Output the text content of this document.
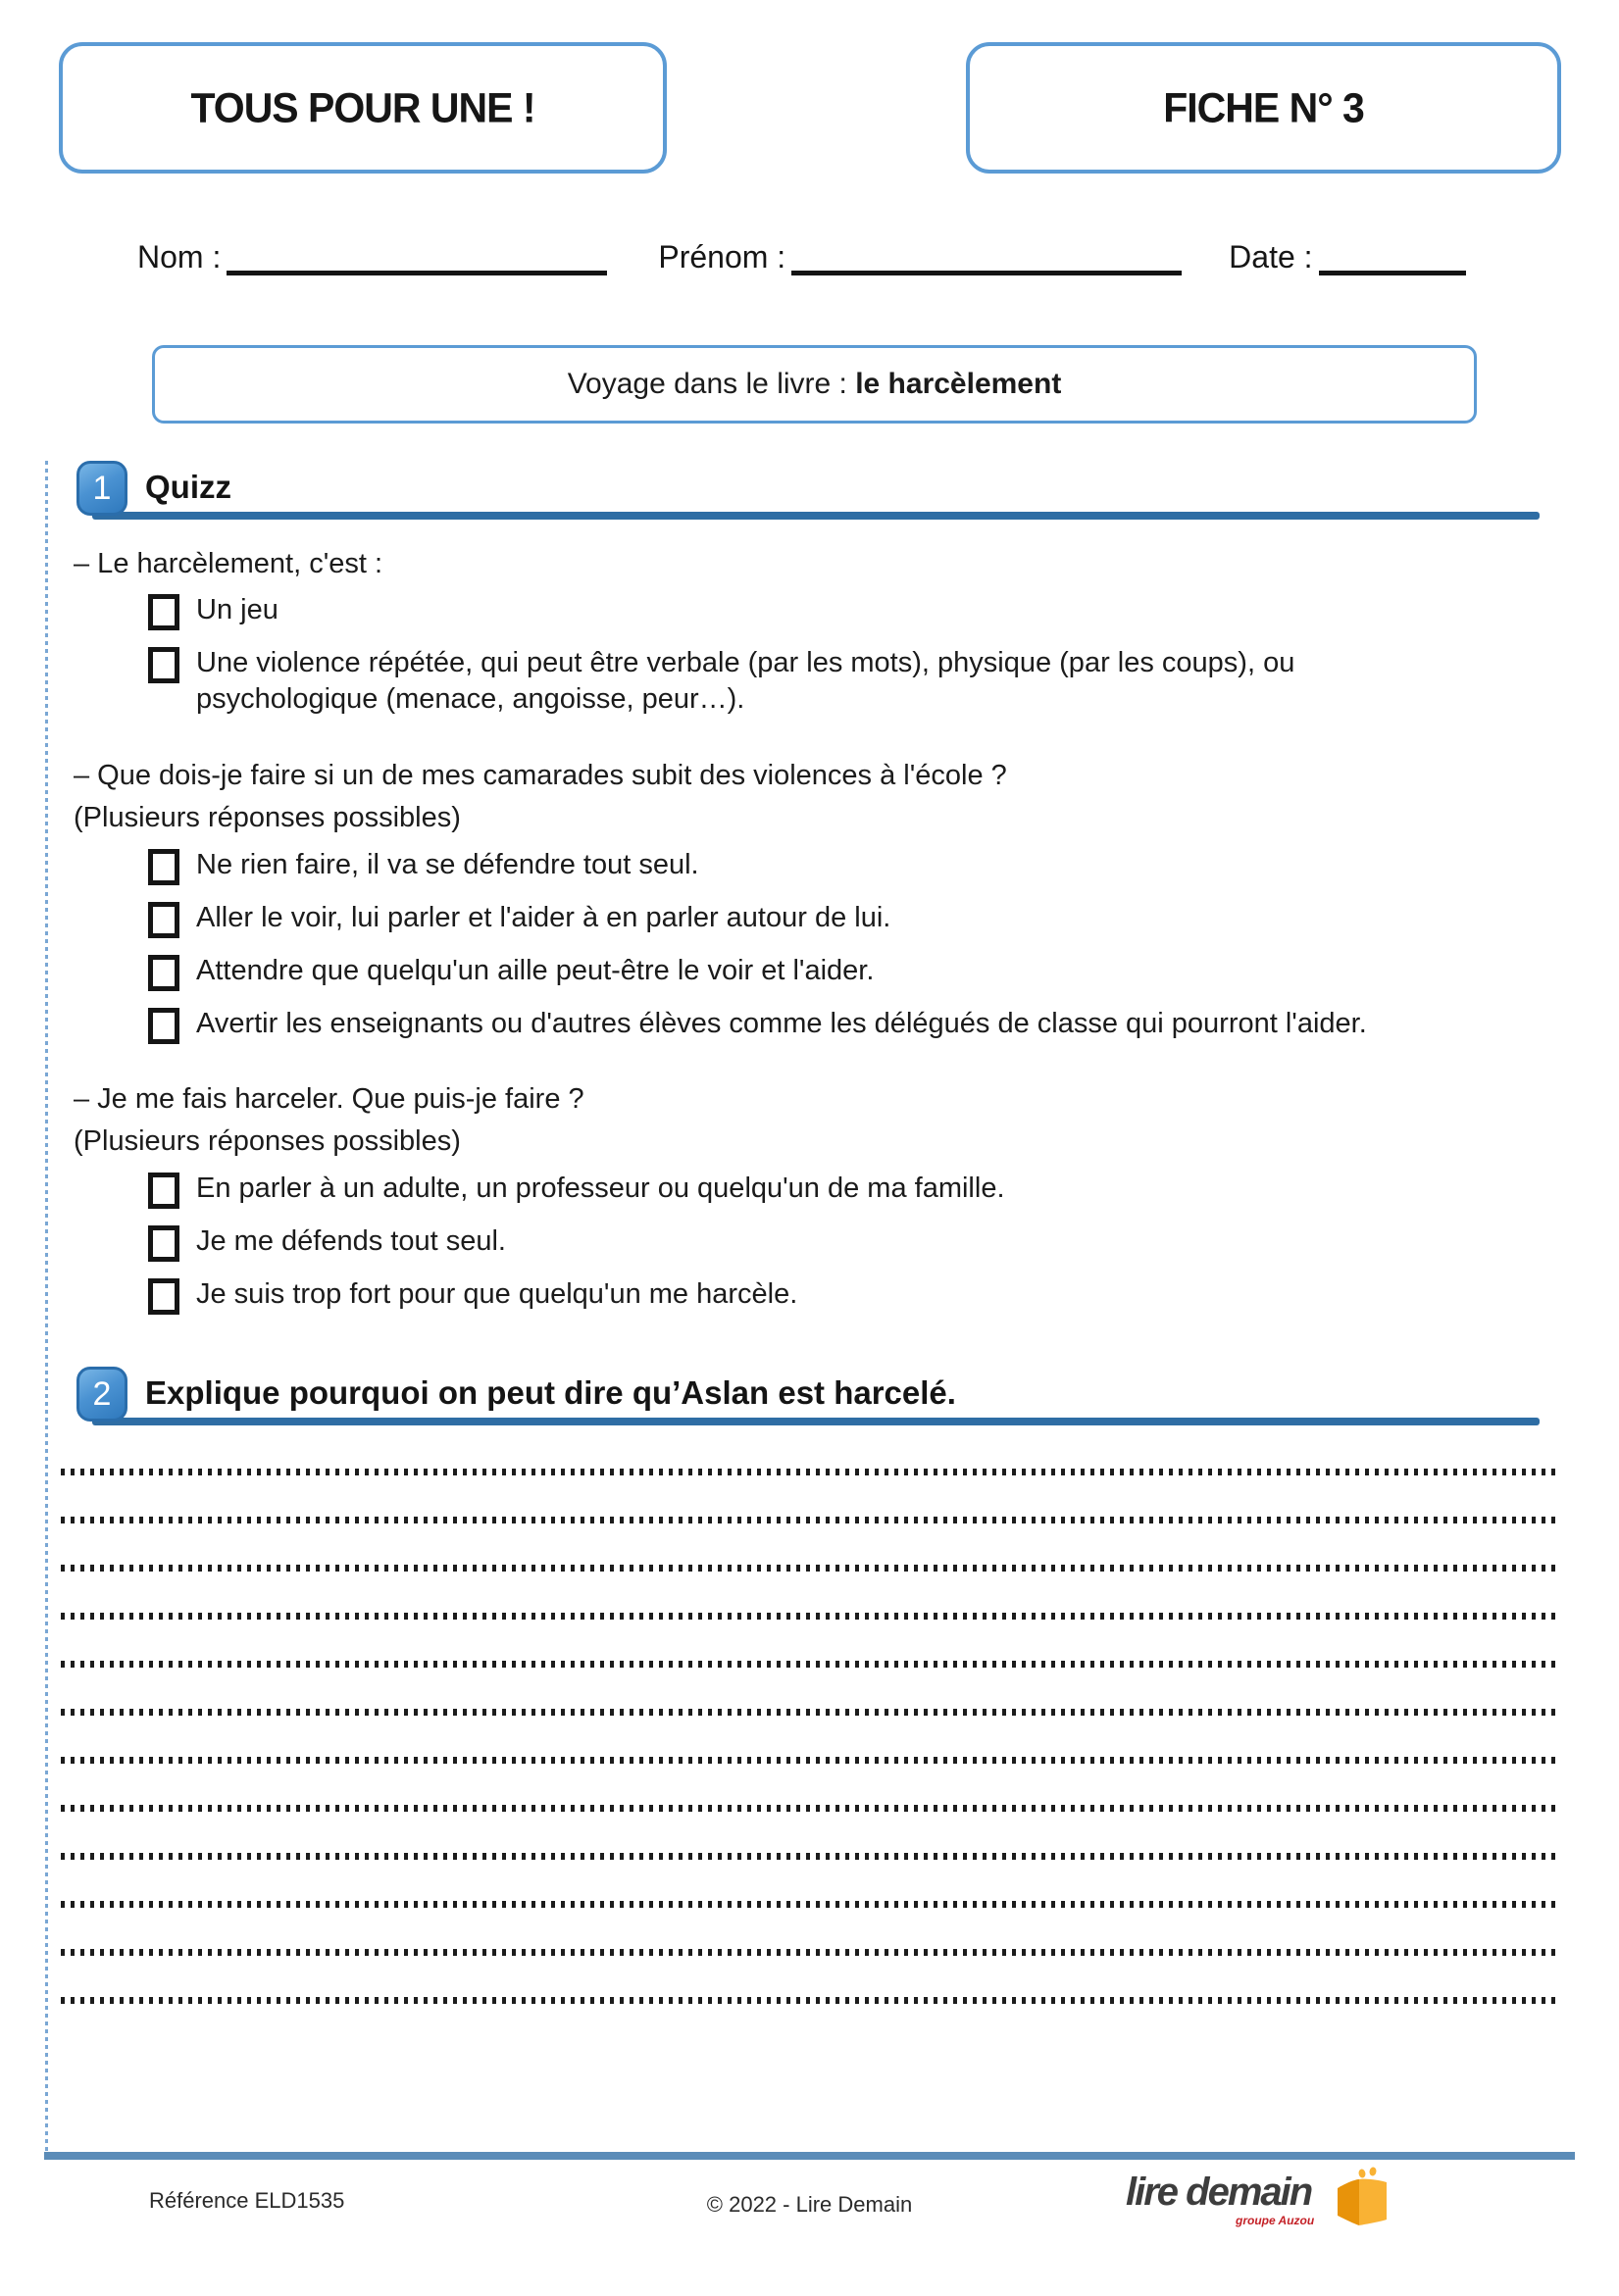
TOUS POUR UNE !	FICHE N° 3
Nom :	Prénom :	Date :
Voyage dans le livre : le harcèlement
1	Quizz
– Le harcèlement, c'est :
Un jeu
Une violence répétée, qui peut être verbale (par les mots), physique (par les coups), ou psychologique (menace, angoisse, peur…).
– Que dois-je faire si un de mes camarades subit des violences à l'école ?
(Plusieurs réponses possibles)
Ne rien faire, il va se défendre tout seul.
Aller le voir, lui parler et l'aider à en parler autour de lui.
Attendre que quelqu'un aille peut-être le voir et l'aider.
Avertir les enseignants ou d'autres élèves comme les délégués de classe qui pourront l'aider.
– Je me fais harceler. Que puis-je faire ?
(Plusieurs réponses possibles)
En parler à un adulte, un professeur ou quelqu'un de ma famille.
Je me défends tout seul.
Je suis trop fort pour que quelqu'un me harcèle.
2	Explique pourquoi on peut dire qu’Aslan est harcelé.
Référence ELD1535	© 2022 - Lire Demain	lire demain
groupe Auzou
